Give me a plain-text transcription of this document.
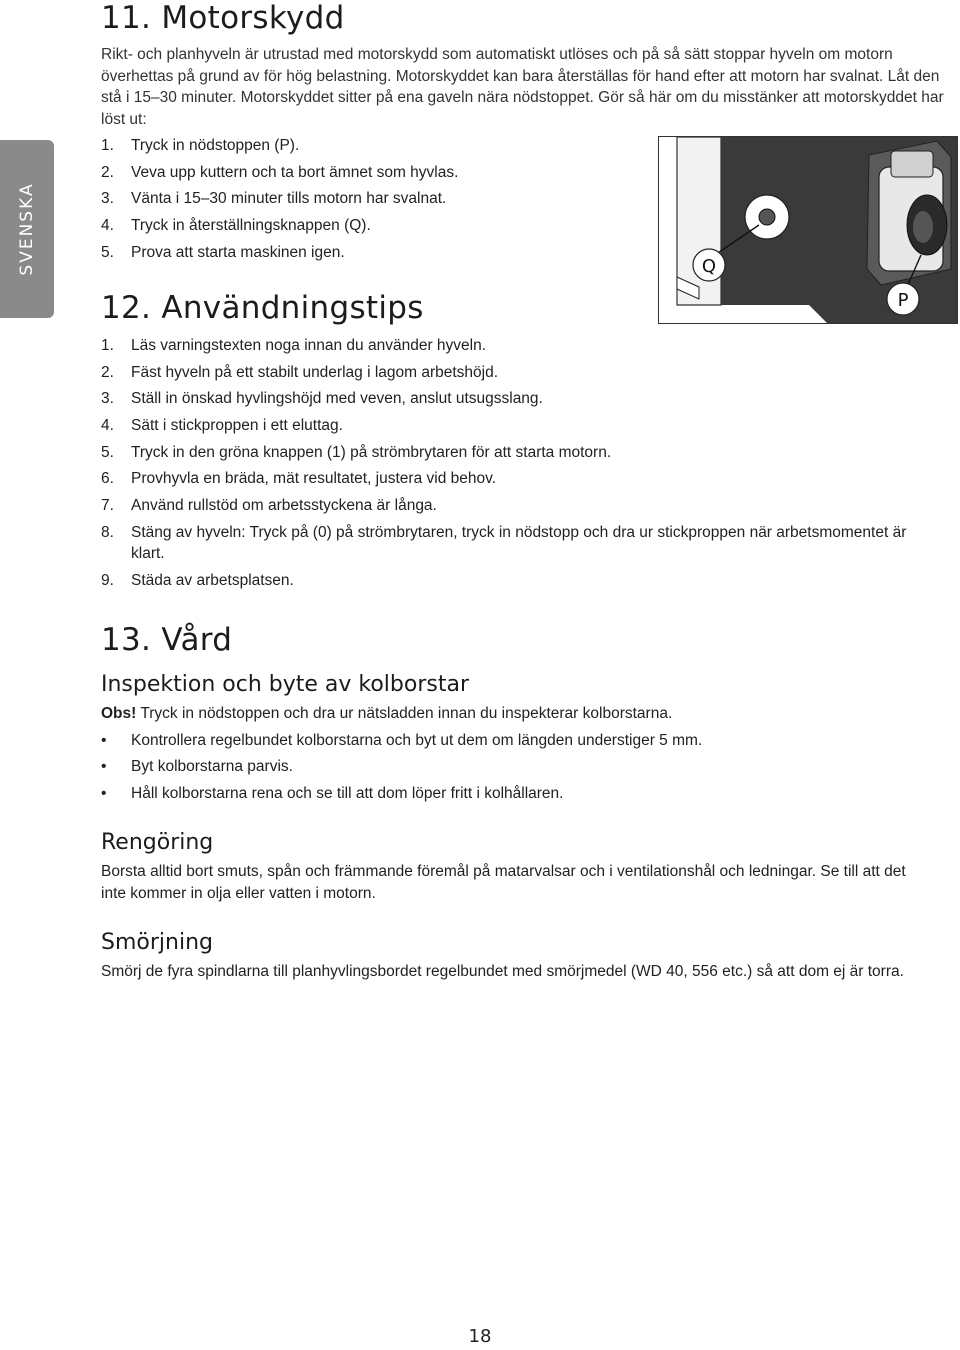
SVENSKA
11. Motorskydd

Rikt- och planhyveln är utrustad med motorskydd som automatiskt utlöses och på så sätt stoppar hyveln om motorn överhettas på grund av för hög belastning. Motorskyddet kan bara återställas för hand efter att motorn har svalnat. Låt den stå i 15–30 minuter. Motorskyddet sitter på ena gaveln nära nödstoppet. Gör så här om du misstänker att motorskyddet har löst ut:

1. Tryck in nödstoppen (P).
2. Veva upp kuttern och ta bort ämnet som hyvlas.
3. Vänta i 15–30 minuter tills motorn har svalnat.
4. Tryck in återställningsknappen (Q).
5. Prova att starta maskinen igen.
12. Användningstips
1. Läs varningstexten noga innan du använder hyveln.
2. Fäst hyveln på ett stabilt underlag i lagom arbetshöjd.
3. Ställ in önskad hyvlingshöjd med veven, anslut utsugsslang.
4. Sätt i stickproppen i ett eluttag.
5. Tryck in den gröna knappen (1) på strömbrytaren för att starta motorn.
6. Provhyvla en bräda, mät resultatet, justera vid behov.
7. Använd rullstöd om arbetsstyckena är långa.
8. Stäng av hyveln: Tryck på (0) på strömbrytaren, tryck in nödstopp och dra ur stickproppen när arbetsmomentet är klart.
9. Städa av arbetsplatsen.
13. Vård
Inspektion och byte av kolborstar

Obs! Tryck in nödstoppen och dra ur nätsladden innan du inspekterar kolborstarna.

• Kontrollera regelbundet kolborstarna och byt ut dem om längden understiger 5 mm.
• Byt kolborstarna parvis.
• Håll kolborstarna rena och se till att dom löper fritt i kolhållaren.
Rengöring

Borsta alltid bort smuts, spån och främmande föremål på matarvalsar och i ventilationshål och ledningar. Se till att det inte kommer in olja eller vatten i motorn.

Smörjning

Smörj de fyra spindlarna till planhyvlingsbordet regelbundet med smörjmedel (WD 40, 556 etc.) så att dom ej är torra.

Q
P
18
